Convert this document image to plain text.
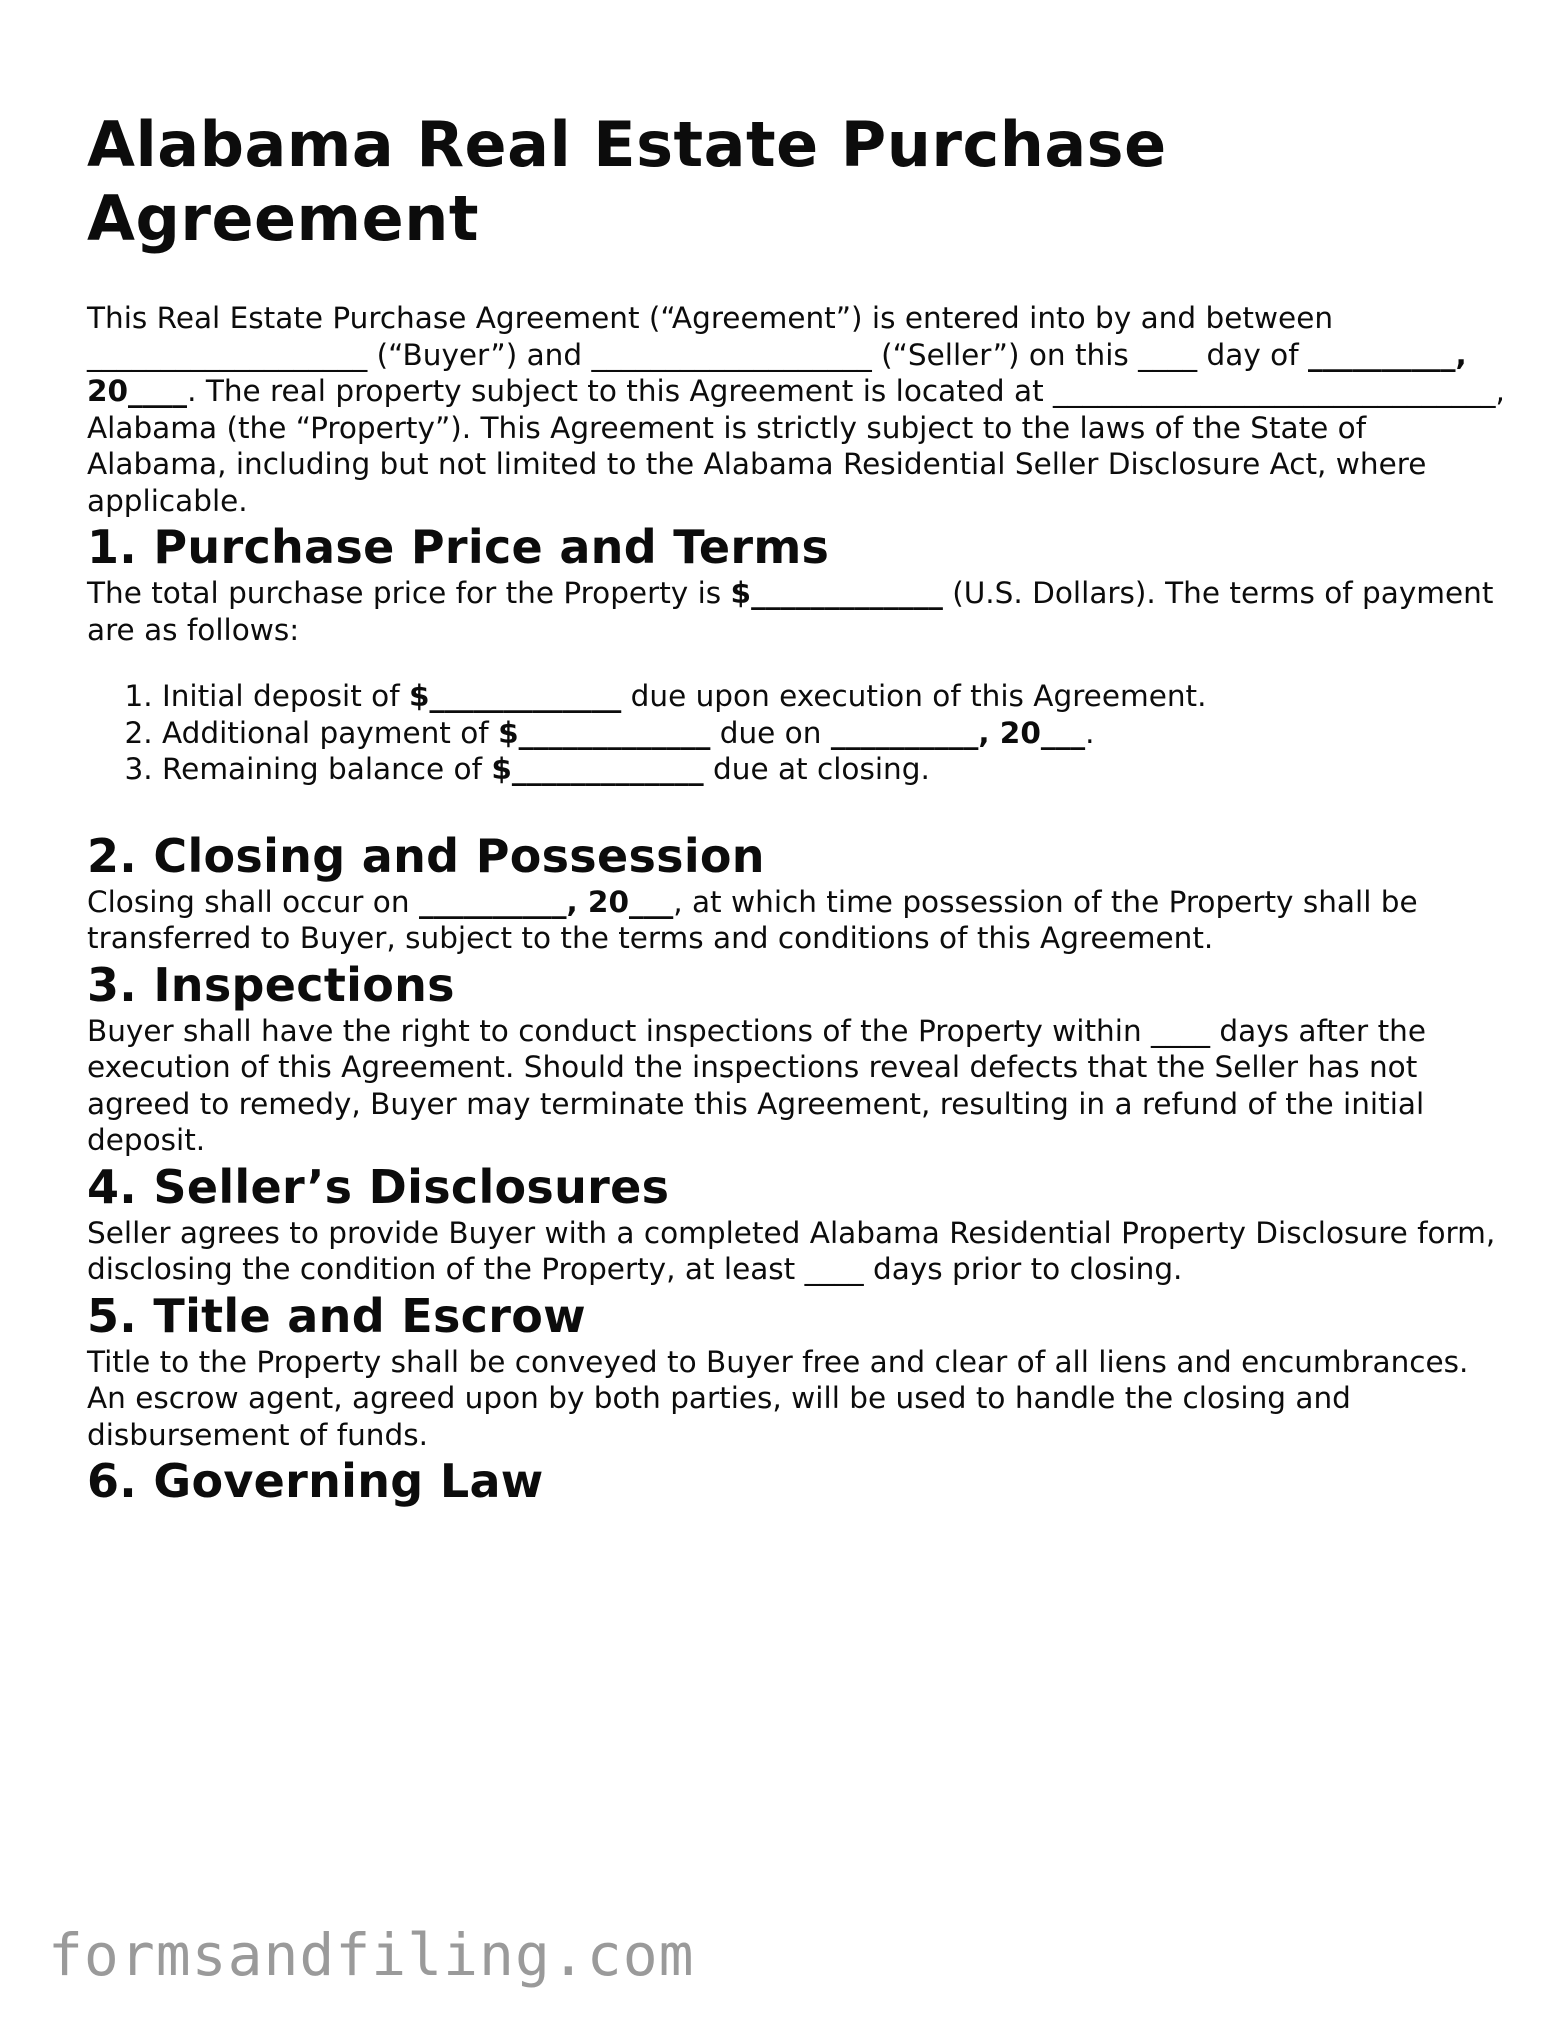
Alabama Real Estate Purchase Agreement

This Real Estate Purchase Agreement (“Agreement”) is entered into by and between ___________________ (“Buyer”) and ___________________ (“Seller”) on this ____ day of __________, 20____. The real property subject to this Agreement is located at ______________________________, Alabama (the “Property”). This Agreement is strictly subject to the laws of the State of Alabama, including but not limited to the Alabama Residential Seller Disclosure Act, where applicable.

1. Purchase Price and Terms

The total purchase price for the Property is $_____________ (U.S. Dollars). The terms of payment are as follows:

1. Initial deposit of $_____________ due upon execution of this Agreement.
2. Additional payment of $_____________ due on __________, 20___.
3. Remaining balance of $_____________ due at closing.
2. Closing and Possession

Closing shall occur on __________, 20___, at which time possession of the Property shall be transferred to Buyer, subject to the terms and conditions of this Agreement.

3. Inspections

Buyer shall have the right to conduct inspections of the Property within ____ days after the execution of this Agreement. Should the inspections reveal defects that the Seller has not agreed to remedy, Buyer may terminate this Agreement, resulting in a refund of the initial deposit.

4. Seller’s Disclosures

Seller agrees to provide Buyer with a completed Alabama Residential Property Disclosure form, disclosing the condition of the Property, at least ____ days prior to closing.

5. Title and Escrow

Title to the Property shall be conveyed to Buyer free and clear of all liens and encumbrances. An escrow agent, agreed upon by both parties, will be used to handle the closing and disbursement of funds.

6. Governing Law
formsandfiling.com
